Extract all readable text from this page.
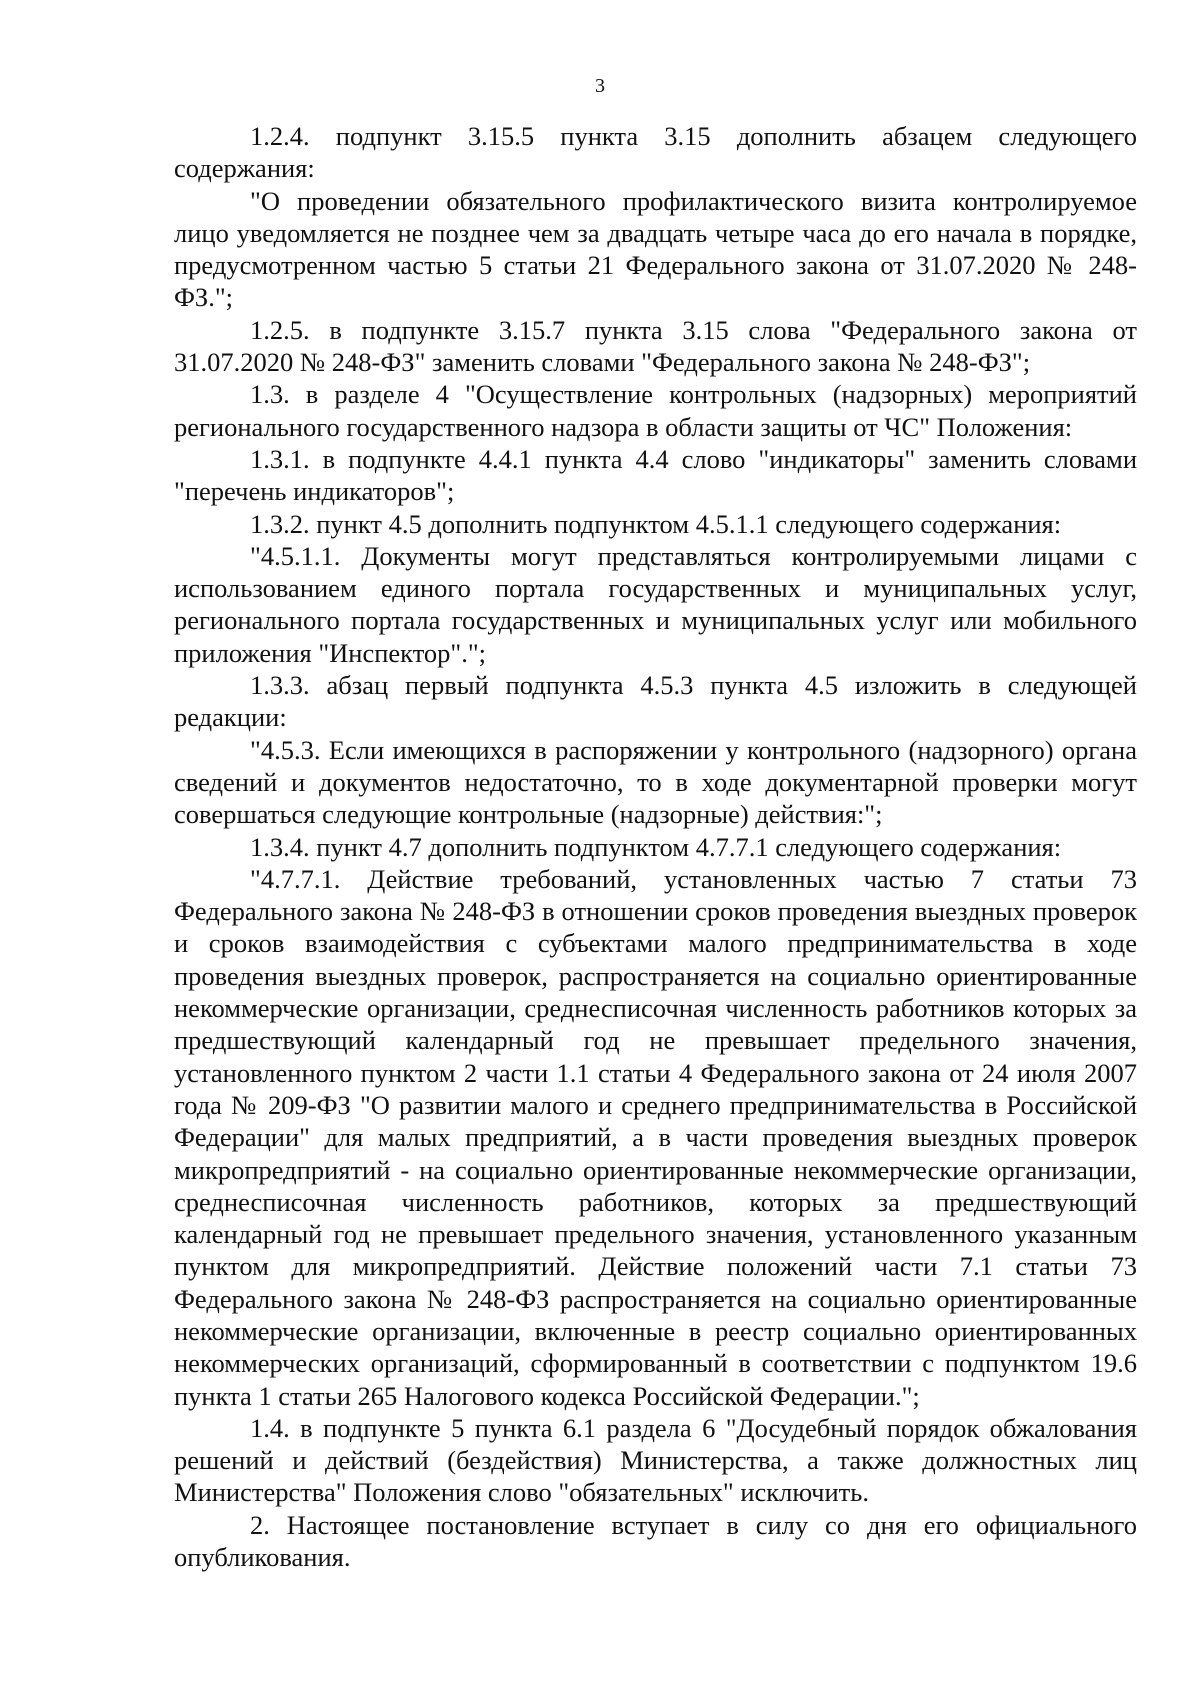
3

1.2.4. подпункт 3.15.5 пункта 3.15 дополнить абзацем следующего содержания:

"О проведении обязательного профилактического визита контролируемое лицо уведомляется не позднее чем за двадцать четыре часа до его начала в порядке, предусмотренном частью 5 статьи 21 Федерального закона от 31.07.2020 № 248-ФЗ.";

1.2.5. в подпункте 3.15.7 пункта 3.15 слова "Федерального закона от 31.07.2020 № 248-ФЗ" заменить словами "Федерального закона № 248-ФЗ";

1.3. в разделе 4 "Осуществление контрольных (надзорных) мероприятий регионального государственного надзора в области защиты от ЧС" Положения:

1.3.1. в подпункте 4.4.1 пункта 4.4 слово "индикаторы" заменить словами "перечень индикаторов";

1.3.2. пункт 4.5 дополнить подпунктом 4.5.1.1 следующего содержания:

"4.5.1.1. Документы могут представляться контролируемыми лицами с использованием единого портала государственных и муниципальных услуг, регионального портала государственных и муниципальных услуг или мобильного приложения "Инспектор".";

1.3.3. абзац первый подпункта 4.5.3 пункта 4.5 изложить в следующей редакции:

"4.5.3. Если имеющихся в распоряжении у контрольного (надзорного) органа сведений и документов недостаточно, то в ходе документарной проверки могут совершаться следующие контрольные (надзорные) действия:";

1.3.4. пункт 4.7 дополнить подпунктом 4.7.7.1 следующего содержания:

"4.7.7.1. Действие требований, установленных частью 7 статьи 73 Федерального закона № 248-ФЗ в отношении сроков проведения выездных проверок и сроков взаимодействия с субъектами малого предпринимательства в ходе проведения выездных проверок, распространяется на социально ориентированные некоммерческие организации, среднесписочная численность работников которых за предшествующий календарный год не превышает предельного значения, установленного пунктом 2 части 1.1 статьи 4 Федерального закона от 24 июля 2007 года № 209-ФЗ "О развитии малого и среднего предпринимательства в Российской Федерации" для малых предприятий, а в части проведения выездных проверок микропредприятий - на социально ориентированные некоммерческие организации, среднесписочная численность работников, которых за предшествующий календарный год не превышает предельного значения, установленного указанным пунктом для микропредприятий. Действие положений части 7.1 статьи 73 Федерального закона № 248-ФЗ распространяется на социально ориентированные некоммерческие организации, включенные в реестр социально ориентированных некоммерческих организаций, сформированный в соответствии с подпунктом 19.6 пункта 1 статьи 265 Налогового кодекса Российской Федерации.";

1.4. в подпункте 5 пункта 6.1 раздела 6 "Досудебный порядок обжалования решений и действий (бездействия) Министерства, а также должностных лиц Министерства" Положения слово "обязательных" исключить.

2. Настоящее постановление вступает в силу со дня его официального опубликования.
